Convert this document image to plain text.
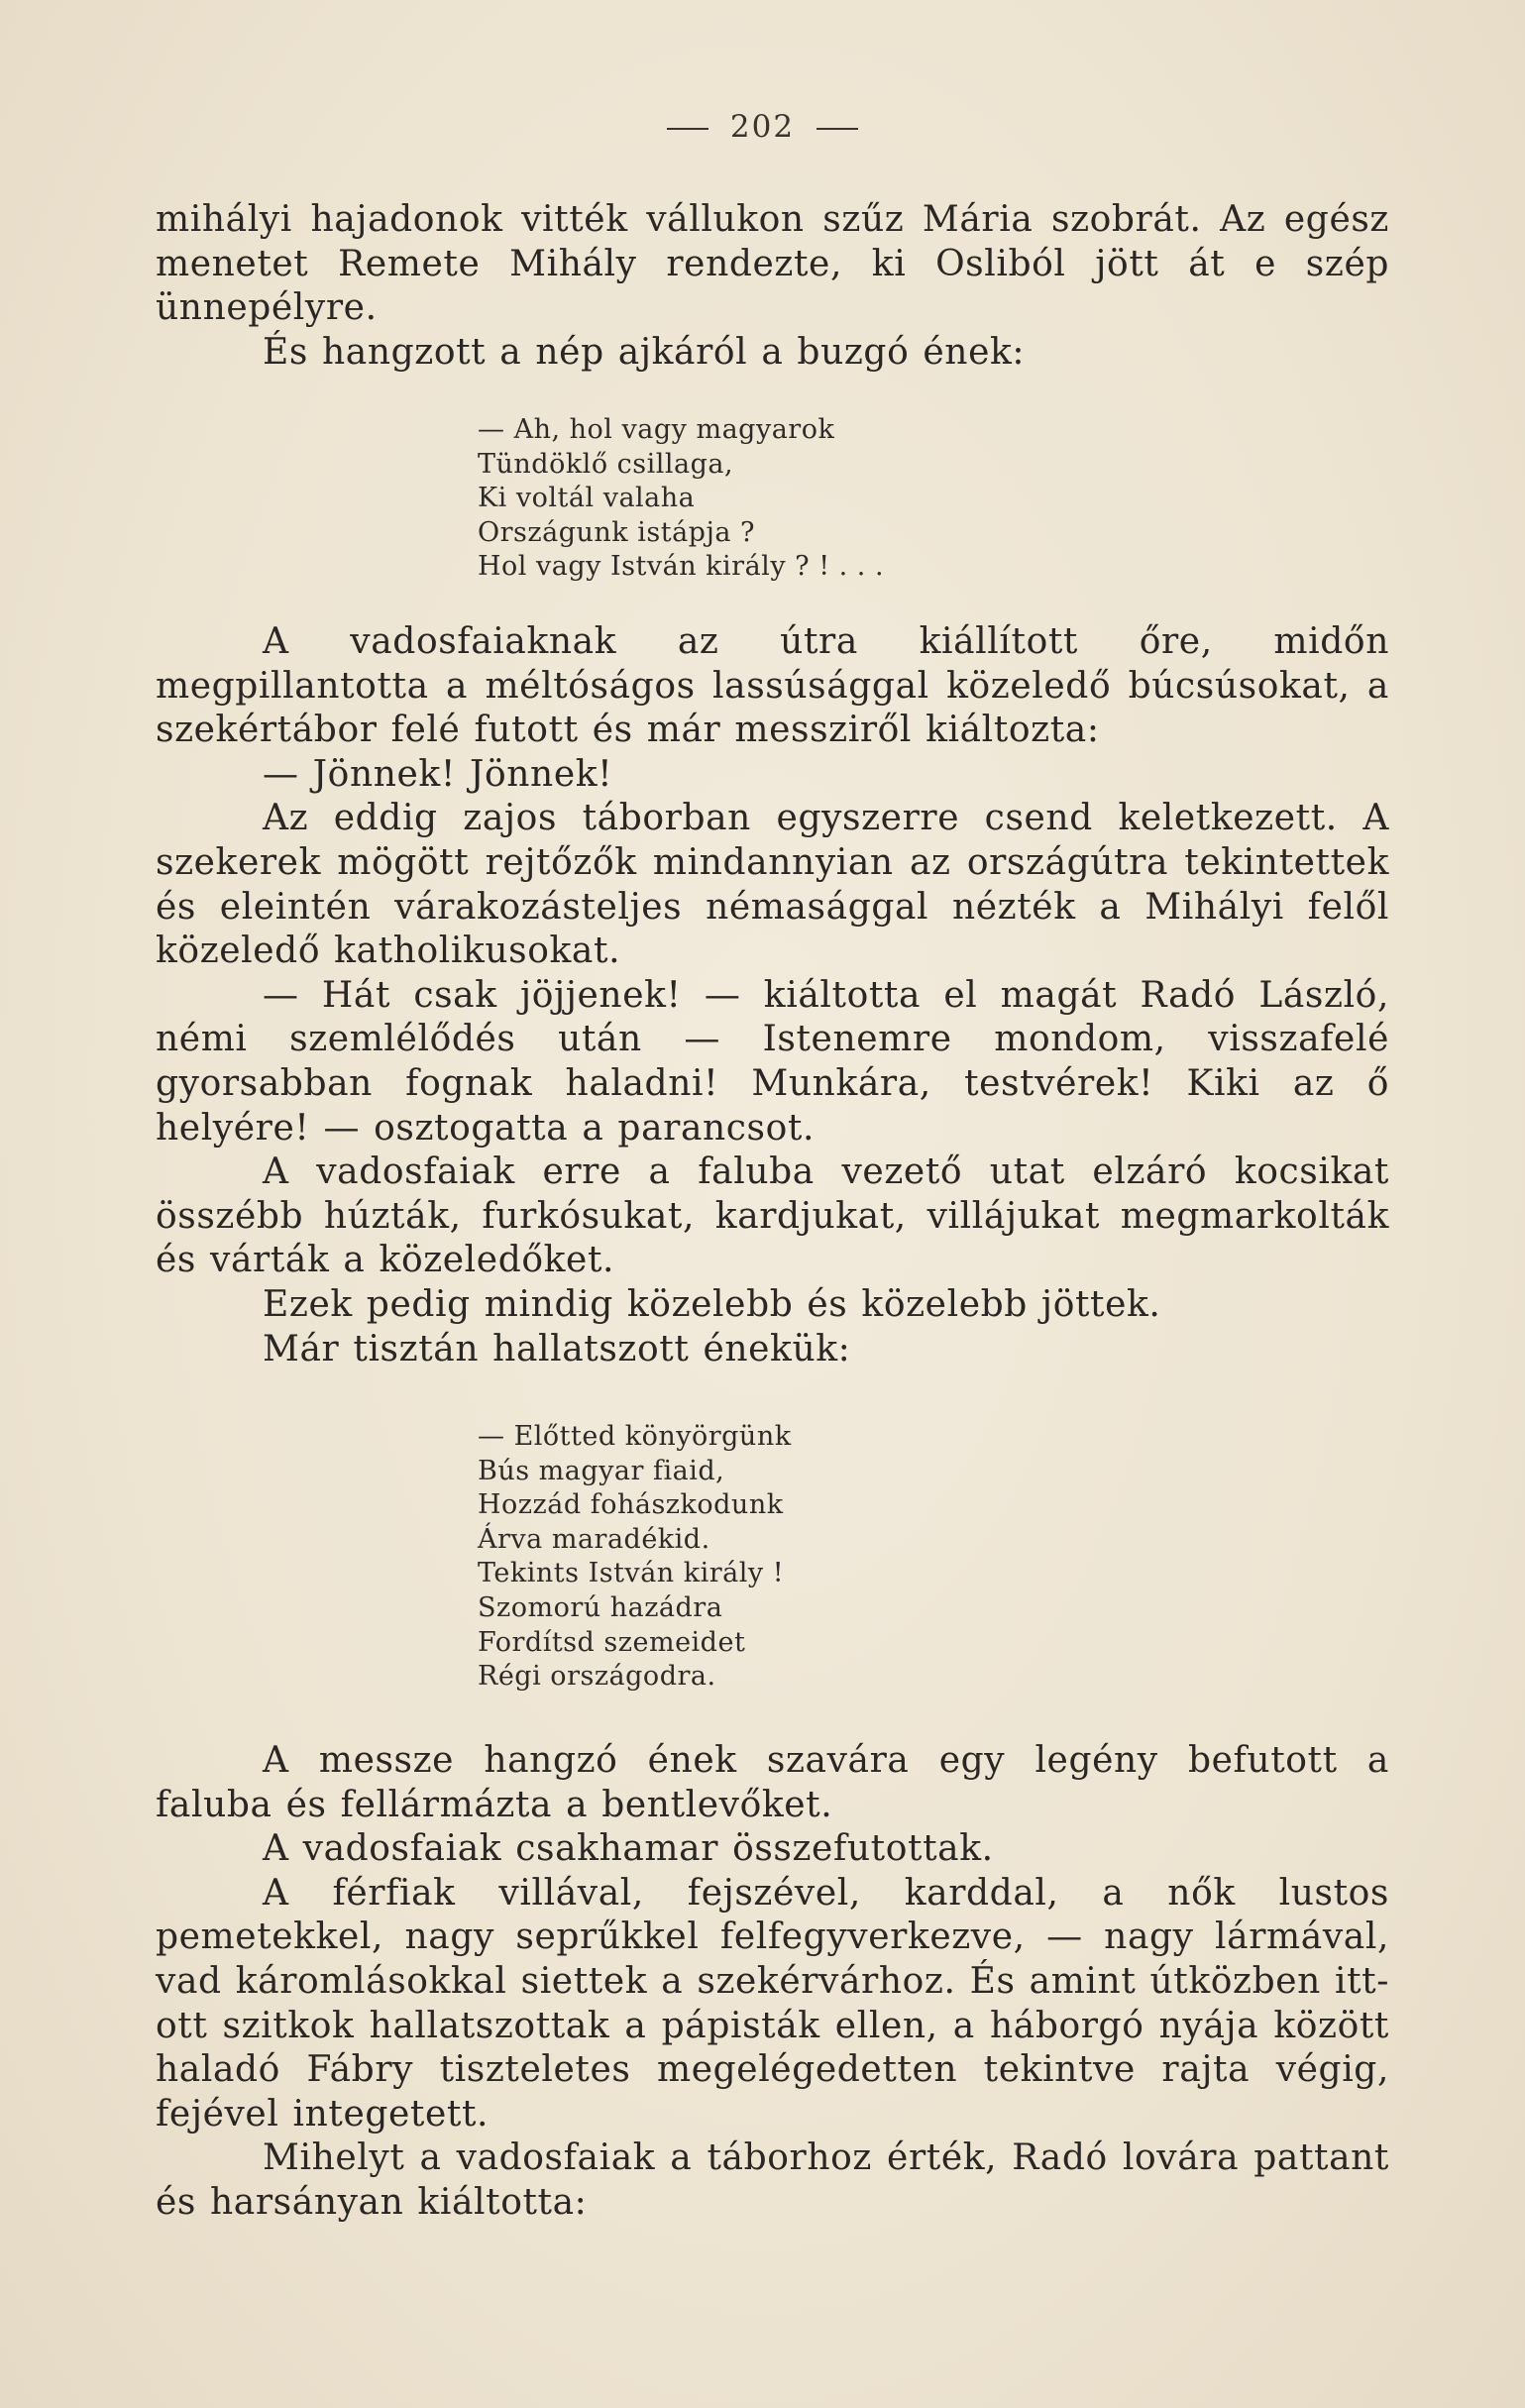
202

mihályi hajadonok vitték vállukon szűz Mária szobrát. Az egész menetet Remete Mihály rendezte, ki Osliból jött át e szép ünnepélyre.

És hangzott a nép ajkáról a buzgó ének:

— Ah, hol vagy magyarok
Tündöklő csillaga,
Ki voltál valaha
Országunk istápja ?
Hol vagy István király ? ! . . .

A vadosfaiaknak az útra kiállított őre, midőn megpillantotta a méltóságos lassúsággal közeledő búcsúsokat, a szekértábor felé futott és már messziről kiáltozta:

— Jönnek! Jönnek!

Az eddig zajos táborban egyszerre csend keletkezett. A szekerek mögött rejtőzők mindannyian az országútra tekintettek és eleintén várakozásteljes némasággal nézték a Mihályi felől közeledő katholikusokat.

— Hát csak jöjjenek! — kiáltotta el magát Radó László, némi szemlélődés után — Istenemre mondom, visszafelé gyorsabban fognak haladni! Munkára, testvérek! Kiki az ő helyére! — osztogatta a parancsot.

A vadosfaiak erre a faluba vezető utat elzáró kocsikat összébb húzták, furkósukat, kardjukat, villájukat megmarkolták és várták a közeledőket.

Ezek pedig mindig közelebb és közelebb jöttek.

Már tisztán hallatszott énekük:

— Előtted könyörgünk
Bús magyar fiaid,
Hozzád fohászkodunk
Árva maradékid.
Tekints István király !
Szomorú hazádra
Fordítsd szemeidet
Régi országodra.

A messze hangzó ének szavára egy legény befutott a faluba és fellármázta a bentlevőket.

A vadosfaiak csakhamar összefutottak.

A férfiak villával, fejszével, karddal, a nők lustos pemetekkel, nagy seprűkkel felfegyverkezve, — nagy lármával, vad káromlásokkal siettek a szekérvárhoz. És amint útközben itt-ott szitkok hallatszottak a pápisták ellen, a háborgó nyája között haladó Fábry tiszteletes megelégedetten tekintve rajta végig, fejével integetett.

Mihelyt a vadosfaiak a táborhoz érték, Radó lovára pattant és harsányan kiáltotta:
